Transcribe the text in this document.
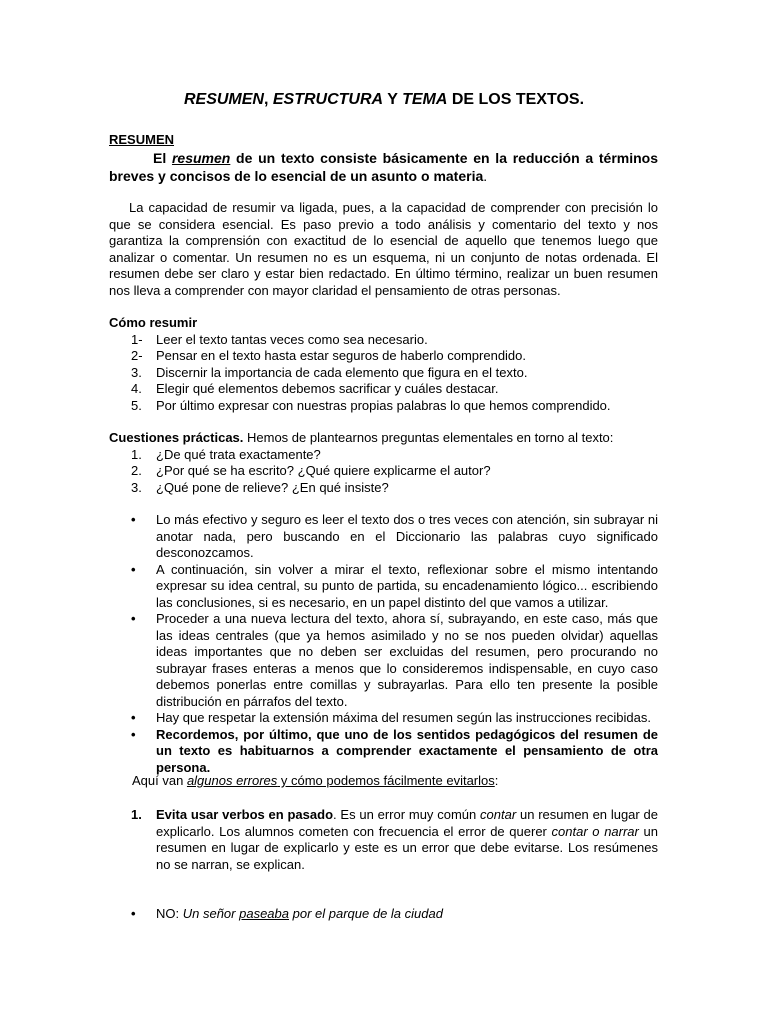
RESUMEN, ESTRUCTURA Y TEMA DE LOS TEXTOS.
RESUMEN
El resumen de un texto consiste básicamente en la reducción a términos breves y concisos de lo esencial de un asunto o materia.
La capacidad de resumir va ligada, pues, a la capacidad de comprender con precisión lo que se considera esencial. Es paso previo a todo análisis y comentario del texto y nos garantiza la comprensión con exactitud de lo esencial de aquello que tenemos luego que analizar o comentar. Un resumen no es un esquema, ni un conjunto de notas ordenada. El resumen debe ser claro y estar bien redactado. En último término, realizar un buen resumen nos lleva a comprender con mayor claridad el pensamiento de otras personas.
Cómo resumir
1- Leer el texto tantas veces como sea necesario.
2- Pensar en el texto hasta estar seguros de haberlo comprendido.
3. Discernir la importancia de cada elemento que figura en el texto.
4. Elegir qué elementos debemos sacrificar y cuáles destacar.
5. Por último expresar con nuestras propias palabras lo que hemos comprendido.
Cuestiones prácticas. Hemos de plantearnos preguntas elementales en torno al texto:
1. ¿De qué trata exactamente?
2. ¿Por qué se ha escrito? ¿Qué quiere explicarme el autor?
3. ¿Qué pone de relieve? ¿En qué insiste?
• Lo más efectivo y seguro es leer el texto dos o tres veces con atención, sin subrayar ni anotar nada, pero buscando en el Diccionario las palabras cuyo significado desconozcamos.
• A continuación, sin volver a mirar el texto, reflexionar sobre el mismo intentando expresar su idea central, su punto de partida, su encadenamiento lógico... escribiendo las conclusiones, si es necesario, en un papel distinto del que vamos a utilizar.
• Proceder a una nueva lectura del texto, ahora sí, subrayando, en este caso, más que las ideas centrales (que ya hemos asimilado y no se nos pueden olvidar) aquellas ideas importantes que no deben ser excluidas del resumen, pero procurando no subrayar frases enteras a menos que lo consideremos indispensable, en cuyo caso debemos ponerlas entre comillas y subrayarlas. Para ello ten presente la posible distribución en párrafos del texto.
• Hay que respetar la extensión máxima del resumen según las instrucciones recibidas.
• Recordemos, por último, que uno de los sentidos pedagógicos del resumen de un texto es habituarnos a comprender exactamente el pensamiento de otra persona.
Aquí van algunos errores y cómo podemos fácilmente evitarlos:
1. Evita usar verbos en pasado. Es un error muy común contar un resumen en lugar de explicarlo. Los alumnos cometen con frecuencia el error de querer contar o narrar un resumen en lugar de explicarlo y este es un error que debe evitarse. Los resúmenes no se narran, se explican.
• NO: Un señor paseaba por el parque de la ciudad
